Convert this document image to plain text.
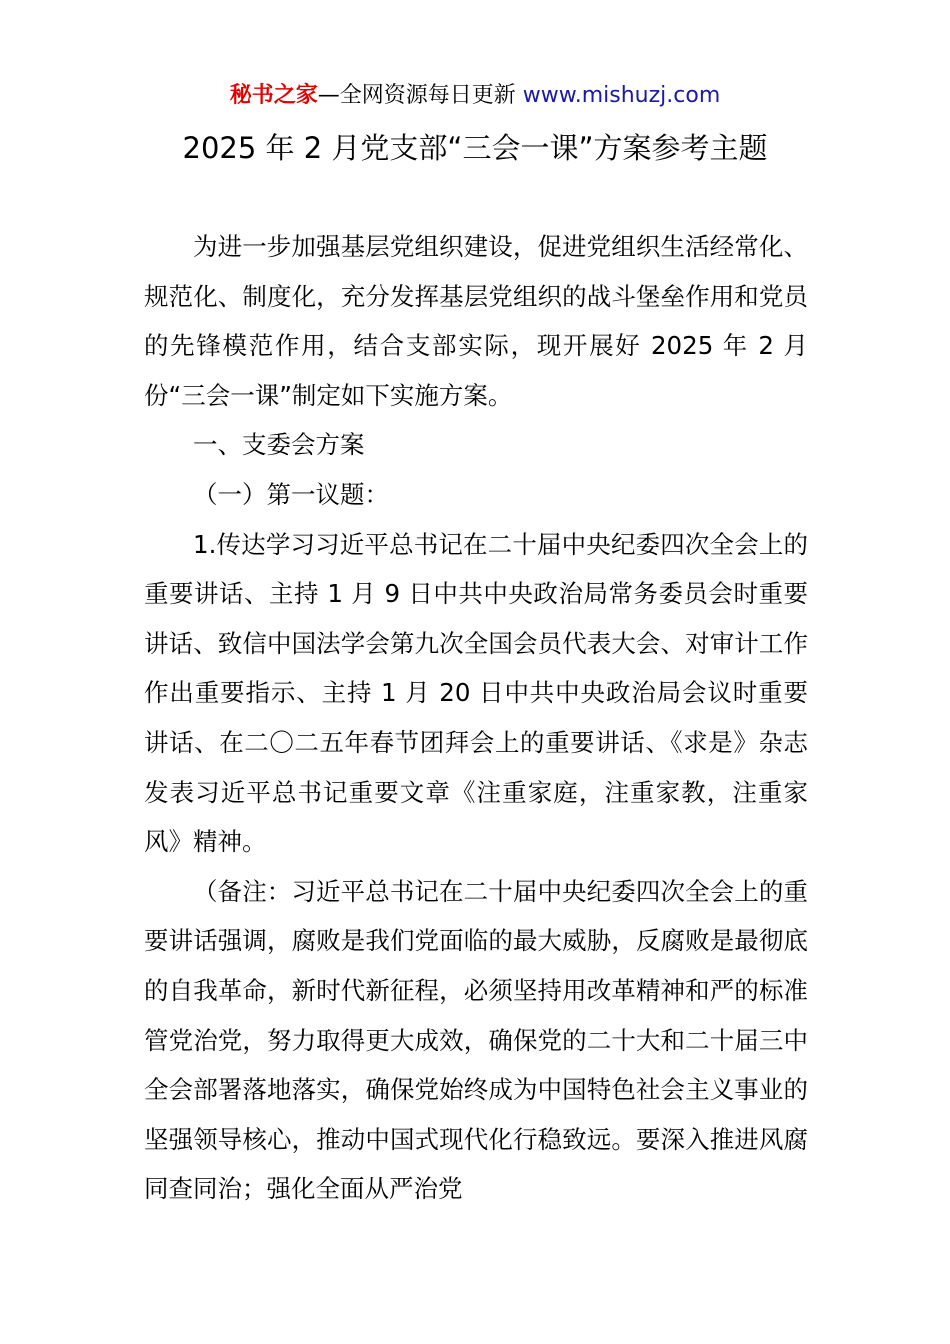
秘书之家—全网资源每日更新 www.mishuzj.com
2025 年 2 月党支部“三会一课”方案参考主题

为进一步加强基层党组织建设，促进党组织生活经常化、规范化、制度化，充分发挥基层党组织的战斗堡垒作用和党员的先锋模范作用，结合支部实际，现开展好 2025 年 2 月份“三会一课”制定如下实施方案。

一、支委会方案

（一）第一议题：

1.传达学习习近平总书记在二十届中央纪委四次全会上的重要讲话、主持 1 月 9 日中共中央政治局常务委员会时重要讲话、致信中国法学会第九次全国会员代表大会、对审计工作作出重要指示、主持 1 月 20 日中共中央政治局会议时重要讲话、在二〇二五年春节团拜会上的重要讲话、《求是》杂志发表习近平总书记重要文章《注重家庭，注重家教，注重家风》精神。

（备注：习近平总书记在二十届中央纪委四次全会上的重要讲话强调，腐败是我们党面临的最大威胁，反腐败是最彻底的自我革命，新时代新征程，必须坚持用改革精神和严的标准管党治党，努力取得更大成效，确保党的二十大和二十届三中全会部署落地落实，确保党始终成为中国特色社会主义事业的坚强领导核心，推动中国式现代化行稳致远。要深入推进风腐同查同治；强化全面从严治党
